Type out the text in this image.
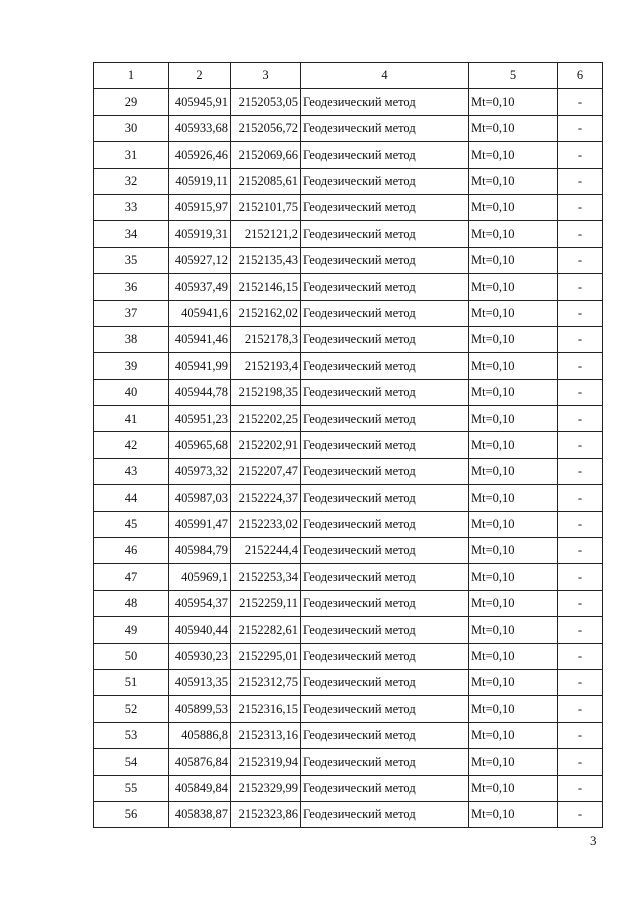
1	2	3	4	5	6
29	405945,91	2152053,05	Геодезический метод	Mt=0,10	-
30	405933,68	2152056,72	Геодезический метод	Mt=0,10	-
31	405926,46	2152069,66	Геодезический метод	Mt=0,10	-
32	405919,11	2152085,61	Геодезический метод	Mt=0,10	-
33	405915,97	2152101,75	Геодезический метод	Mt=0,10	-
34	405919,31	2152121,2	Геодезический метод	Mt=0,10	-
35	405927,12	2152135,43	Геодезический метод	Mt=0,10	-
36	405937,49	2152146,15	Геодезический метод	Mt=0,10	-
37	405941,6	2152162,02	Геодезический метод	Mt=0,10	-
38	405941,46	2152178,3	Геодезический метод	Mt=0,10	-
39	405941,99	2152193,4	Геодезический метод	Mt=0,10	-
40	405944,78	2152198,35	Геодезический метод	Mt=0,10	-
41	405951,23	2152202,25	Геодезический метод	Mt=0,10	-
42	405965,68	2152202,91	Геодезический метод	Mt=0,10	-
43	405973,32	2152207,47	Геодезический метод	Mt=0,10	-
44	405987,03	2152224,37	Геодезический метод	Mt=0,10	-
45	405991,47	2152233,02	Геодезический метод	Mt=0,10	-
46	405984,79	2152244,4	Геодезический метод	Mt=0,10	-
47	405969,1	2152253,34	Геодезический метод	Mt=0,10	-
48	405954,37	2152259,11	Геодезический метод	Mt=0,10	-
49	405940,44	2152282,61	Геодезический метод	Mt=0,10	-
50	405930,23	2152295,01	Геодезический метод	Mt=0,10	-
51	405913,35	2152312,75	Геодезический метод	Mt=0,10	-
52	405899,53	2152316,15	Геодезический метод	Mt=0,10	-
53	405886,8	2152313,16	Геодезический метод	Mt=0,10	-
54	405876,84	2152319,94	Геодезический метод	Mt=0,10	-
55	405849,84	2152329,99	Геодезический метод	Mt=0,10	-
56	405838,87	2152323,86	Геодезический метод	Mt=0,10	-
3
